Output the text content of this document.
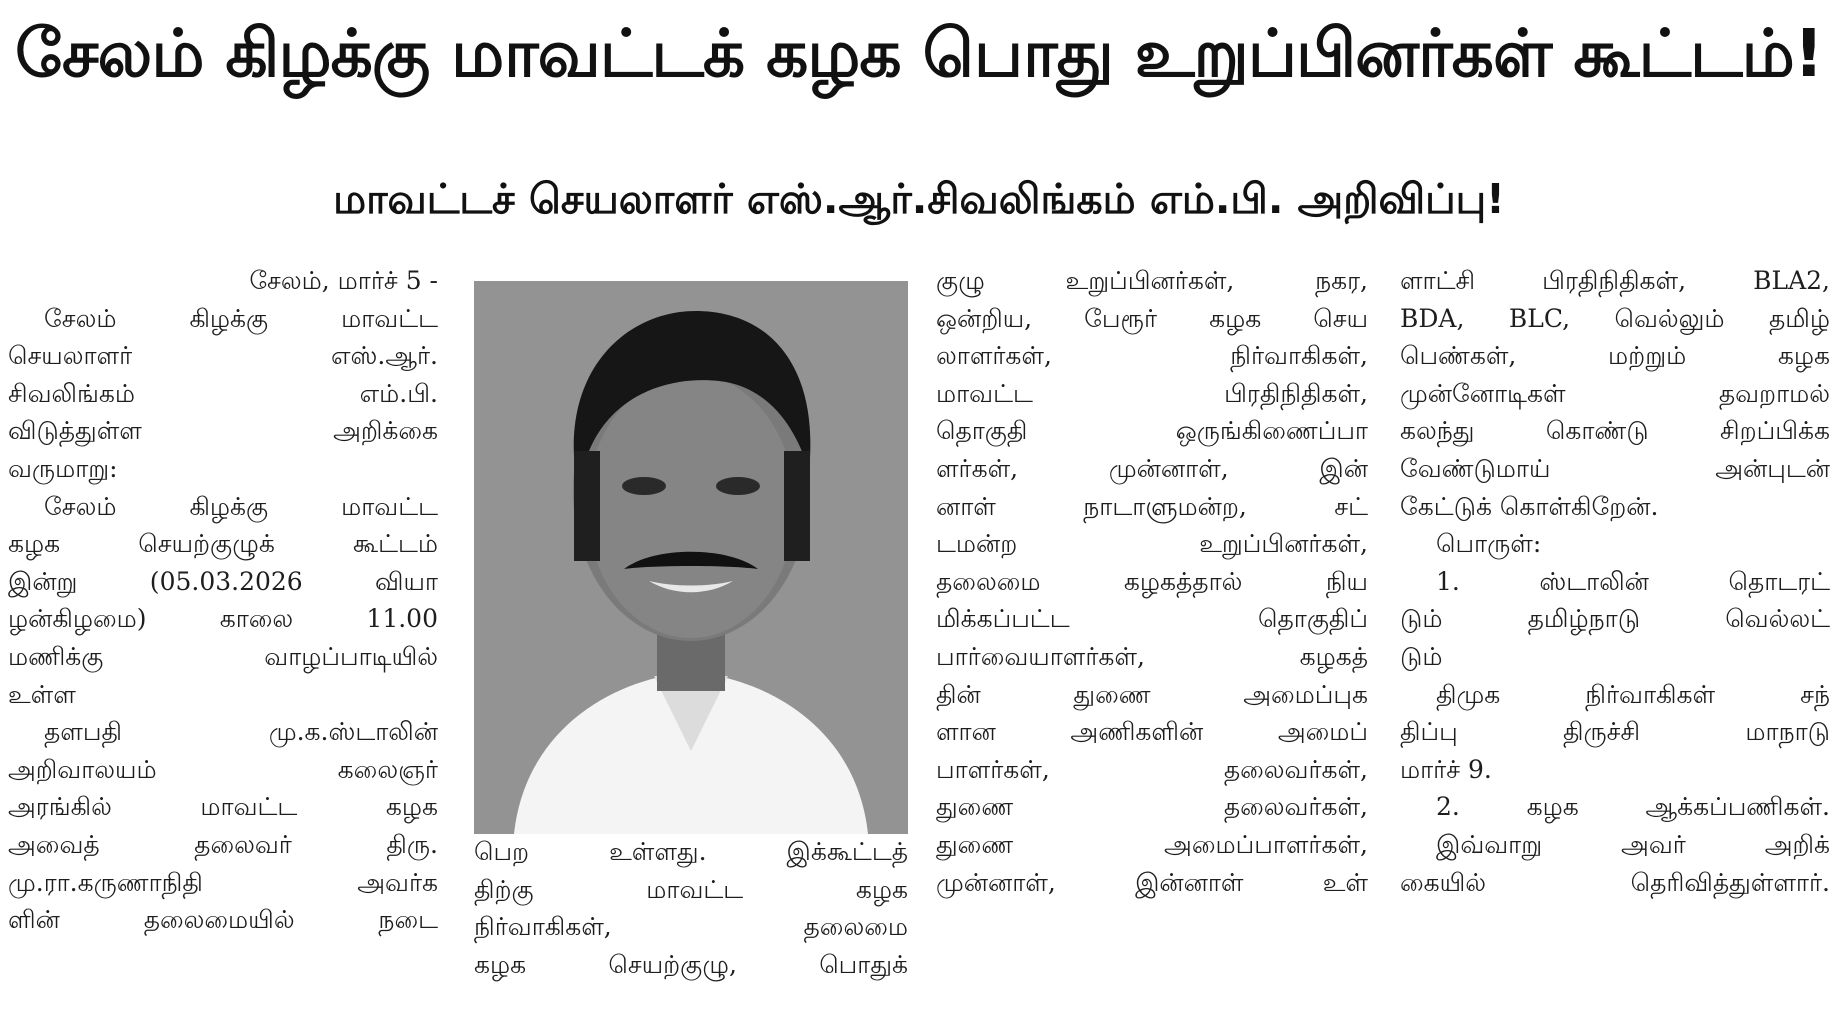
சேலம் கிழக்கு மாவட்டக் கழக பொது உறுப்பினர்கள் கூட்டம்!
மாவட்டச் செயலாளர் எஸ்.ஆர்.சிவலிங்கம் எம்.பி. அறிவிப்பு!
சேலம், மார்ச் 5 -
சேலம் கிழக்கு மாவட்ட
செயலாளர் எஸ்.ஆர்.
சிவலிங்கம் எம்.பி.
விடுத்துள்ள அறிக்கை
வருமாறு:
சேலம் கிழக்கு மாவட்ட
கழக செயற்குழுக் கூட்டம்
இன்று (05.03.2026 வியா
ழன்கிழமை) காலை 11.00
மணிக்கு வாழப்பாடியில்
உள்ள
தளபதி மு.க.ஸ்டாலின்
அறிவாலயம் கலைஞர்
அரங்கில் மாவட்ட கழக
அவைத் தலைவர் திரு.
மு.ரா.கருணாநிதி அவர்க
ளின் தலைமையில் நடை
பெற உள்ளது. இக்கூட்டத்
திற்கு மாவட்ட கழக
நிர்வாகிகள், தலைமை
கழக செயற்குழு, பொதுக்
குழு உறுப்பினர்கள், நகர,
ஒன்றிய, பேரூர் கழக செய
லாளர்கள், நிர்வாகிகள்,
மாவட்ட பிரதிநிதிகள்,
தொகுதி ஒருங்கிணைப்பா
ளர்கள், முன்னாள், இன்
னாள் நாடாளுமன்ற, சட்
டமன்ற உறுப்பினர்கள்,
தலைமை கழகத்தால் நிய
மிக்கப்பட்ட தொகுதிப்
பார்வையாளர்கள், கழகத்
தின் துணை அமைப்புக
ளான அணிகளின் அமைப்
பாளர்கள், தலைவர்கள்,
துணை தலைவர்கள்,
துணை அமைப்பாளர்கள்,
முன்னாள், இன்னாள் உள்
ளாட்சி பிரதிநிதிகள், BLA2,
BDA, BLC, வெல்லும் தமிழ்
பெண்கள், மற்றும் கழக
முன்னோடிகள் தவறாமல்
கலந்து கொண்டு சிறப்பிக்க
வேண்டுமாய் அன்புடன்
கேட்டுக் கொள்கிறேன்.
பொருள்:
1. ஸ்டாலின் தொடரட்
டும் தமிழ்நாடு வெல்லட்
டும்
திமுக நிர்வாகிகள் சந்
திப்பு திருச்சி மாநாடு
மார்ச் 9.
2. கழக ஆக்கப்பணிகள்.
இவ்வாறு அவர் அறிக்
கையில் தெரிவித்துள்ளார்.
